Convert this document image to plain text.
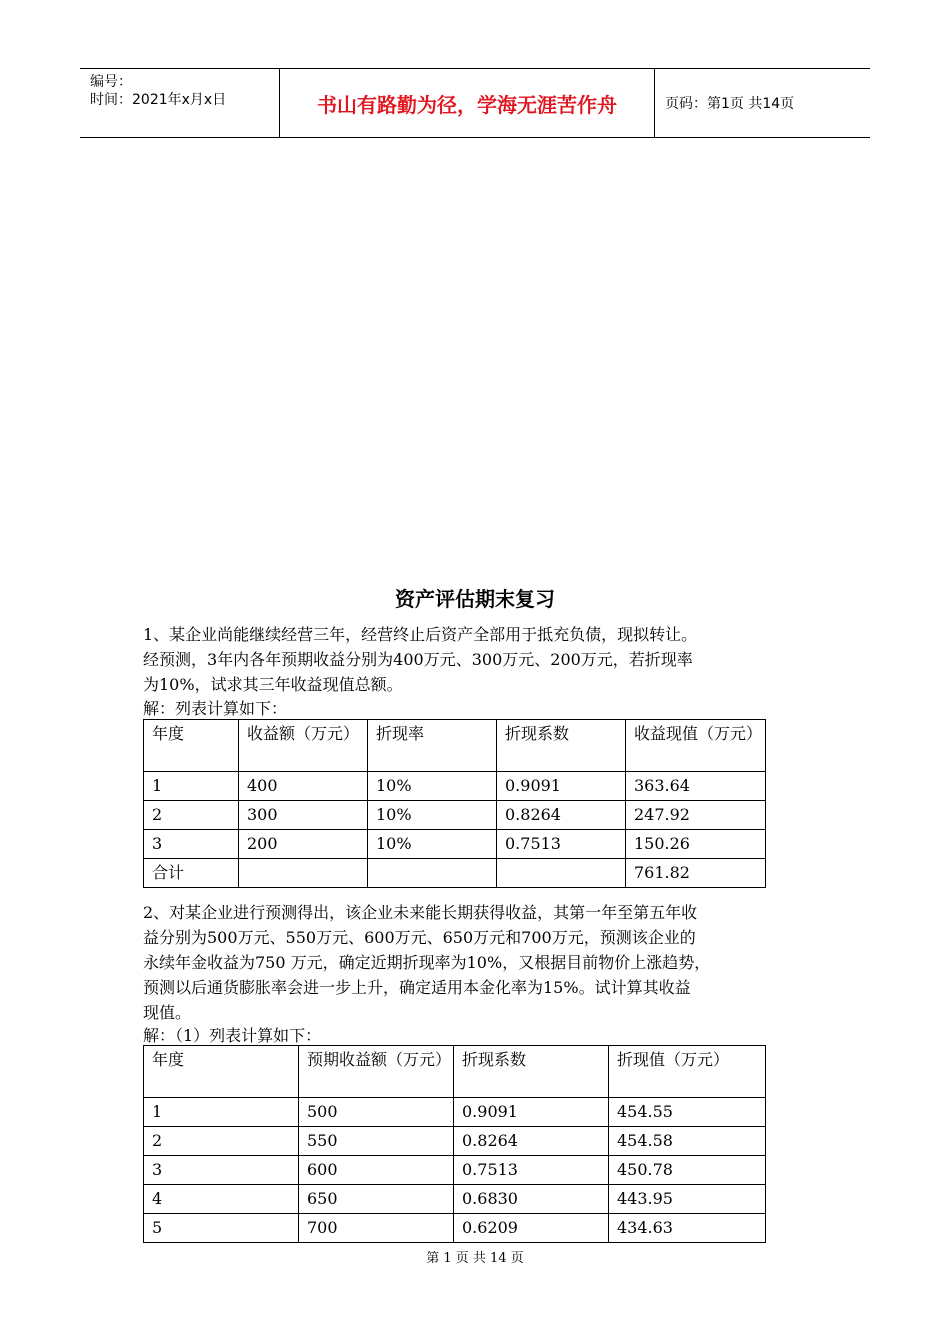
编号：
时间：2021年x月x日	书山有路勤为径，学海无涯苦作舟	页码：第1页 共14页
资产评估期末复习
1、某企业尚能继续经营三年，经营终止后资产全部用于抵充负债，现拟转让。
经预测，3年内各年预期收益分别为400万元、300万元、200万元，若折现率
为10%，试求其三年收益现值总额。
解：列表计算如下：
年度	收益额（万元）	折现率	折现系数	收益现值（万元）
1	400	10%	0.9091	363.64
2	300	10%	0.8264	247.92
3	200	10%	0.7513	150.26
合计				761.82
2、对某企业进行预测得出，该企业未来能长期获得收益，其第一年至第五年收
益分别为500万元、550万元、600万元、650万元和700万元，预测该企业的
永续年金收益为750 万元，确定近期折现率为10%，又根据目前物价上涨趋势，
预测以后通货膨胀率会进一步上升，确定适用本金化率为15%。试计算其收益
现值。
解：（1）列表计算如下：
年度	预期收益额（万元）	折现系数	折现值（万元）
1	500	0.9091	454.55
2	550	0.8264	454.58
3	600	0.7513	450.78
4	650	0.6830	443.95
5	700	0.6209	434.63
第 1 页 共 14 页
